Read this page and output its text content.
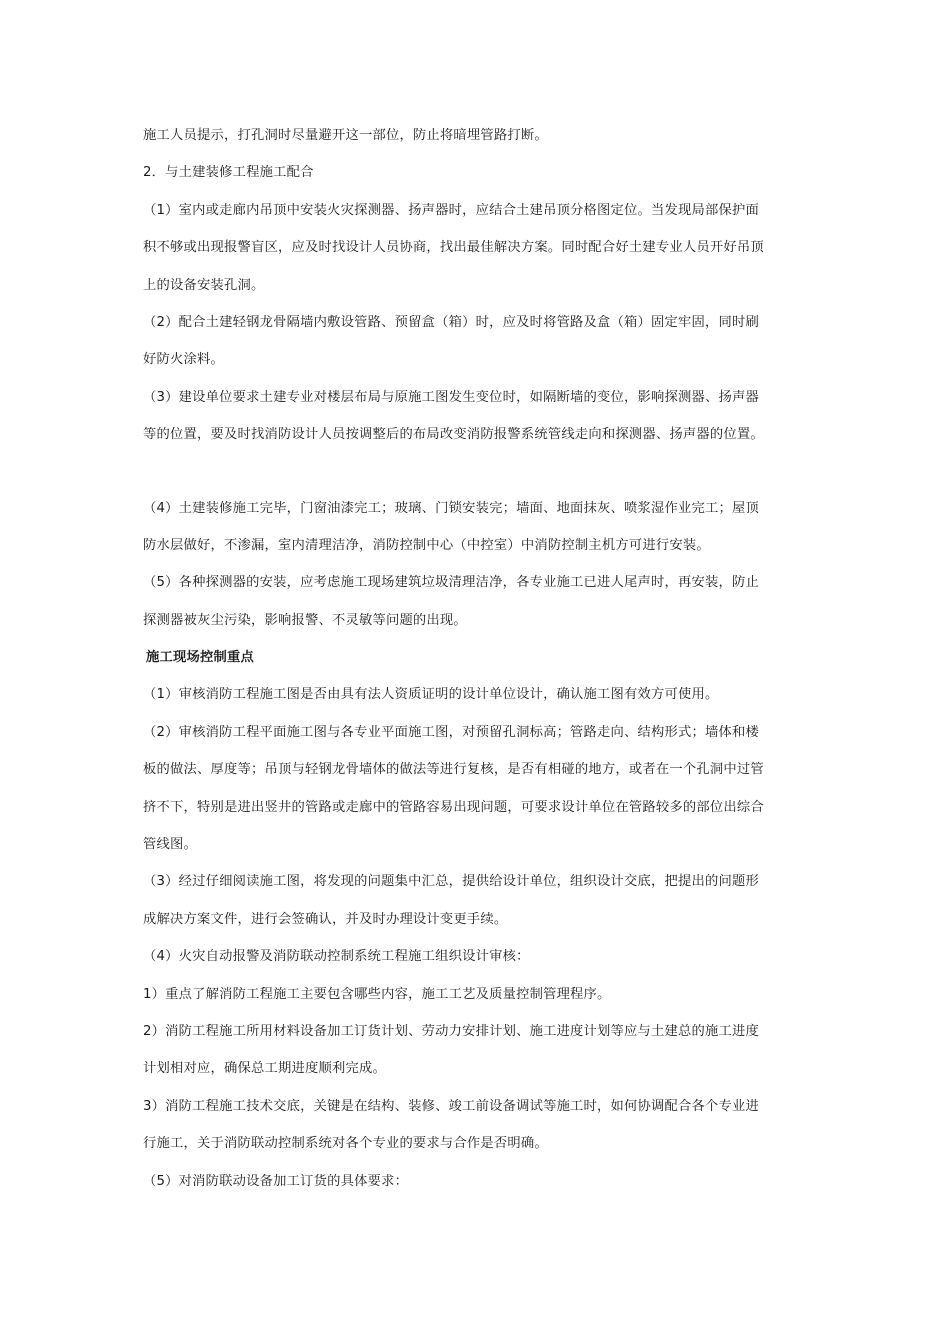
施工人员提示，打孔洞时尽量避开这一部位，防止将暗埋管路打断。
2．与土建装修工程施工配合
（1）室内或走廊内吊顶中安装火灾探测器、扬声器时，应结合土建吊顶分格图定位。当发现局部保护面
积不够或出现报警盲区，应及时找设计人员协商，找出最佳解决方案。同时配合好土建专业人员开好吊顶
上的设备安装孔洞。
（2）配合土建轻钢龙骨隔墙内敷设管路、预留盒（箱）时，应及时将管路及盒（箱）固定牢固，同时刷
好防火涂料。
（3）建设单位要求土建专业对楼层布局与原施工图发生变位时，如隔断墙的变位，影响探测器、扬声器
等的位置，要及时找消防设计人员按调整后的布局改变消防报警系统管线走向和探测器、扬声器的位置。
（4）土建装修施工完毕，门窗油漆完工；玻璃、门锁安装完；墙面、地面抹灰、喷浆湿作业完工；屋顶
防水层做好，不渗漏，室内清理洁净，消防控制中心（中控室）中消防控制主机方可进行安装。
（5）各种探测器的安装，应考虑施工现场建筑垃圾清理洁净，各专业施工已进人尾声时，再安装，防止
探测器被灰尘污染，影响报警、不灵敏等问题的出现。
施工现场控制重点
（1）审核消防工程施工图是否由具有法人资质证明的设计单位设计，确认施工图有效方可使用。
（2）审核消防工程平面施工图与各专业平面施工图，对预留孔洞标高；管路走向、结构形式；墙体和楼
板的做法、厚度等；吊顶与轻钢龙骨墙体的做法等进行复核，是否有相碰的地方，或者在一个孔洞中过管
挤不下，特别是进出竖井的管路或走廊中的管路容易出现问题，可要求设计单位在管路较多的部位出综合
管线图。
（3）经过仔细阅读施工图，将发现的问题集中汇总，提供给设计单位，组织设计交底，把提出的问题形
成解决方案文件，进行会签确认，并及时办理设计变更手续。
（4）火灾自动报警及消防联动控制系统工程施工组织设计审核：
1）重点了解消防工程施工主要包含哪些内容，施工工艺及质量控制管理程序。
2）消防工程施工所用材料设备加工订货计划、劳动力安排计划、施工进度计划等应与土建总的施工进度
计划相对应，确保总工期进度顺利完成。
3）消防工程施工技术交底，关键是在结构、装修、竣工前设备调试等施工时，如何协调配合各个专业进
行施工，关于消防联动控制系统对各个专业的要求与合作是否明确。
（5）对消防联动设备加工订货的具体要求：
